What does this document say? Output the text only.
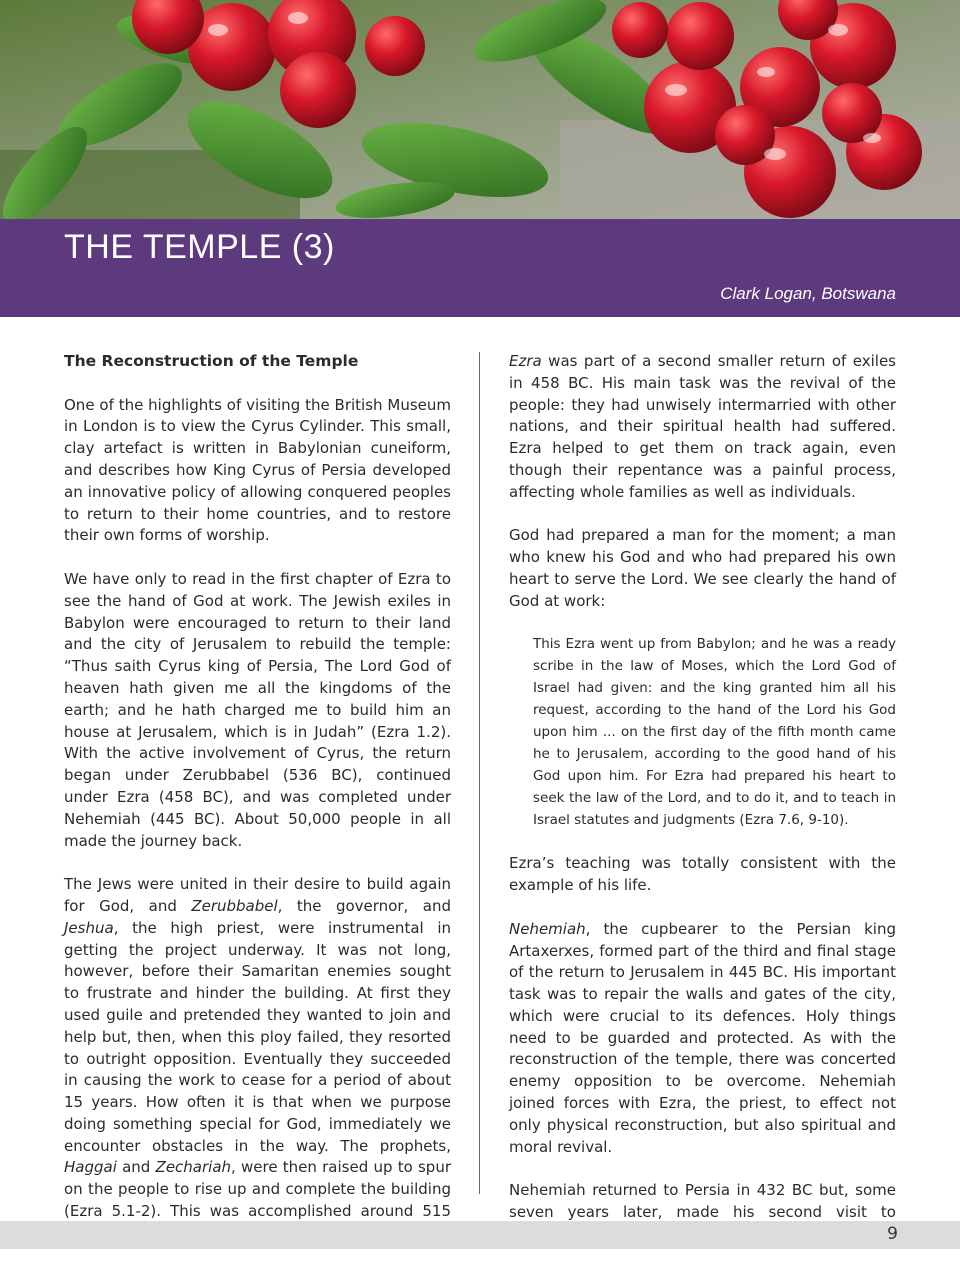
THE TEMPLE (3)
Clark Logan, Botswana
The Reconstruction of the Temple

One of the highlights of visiting the British Museum in London is to view the Cyrus Cylinder. This small, clay artefact is written in Babylonian cuneiform, and describes how King Cyrus of Persia developed an innovative policy of allowing conquered peoples to return to their home countries, and to restore their own forms of worship.

We have only to read in the first chapter of Ezra to see the hand of God at work. The Jewish exiles in Babylon were encouraged to return to their land and the city of Jerusalem to rebuild the temple: “Thus saith Cyrus king of Persia, The Lord God of heaven hath given me all the kingdoms of the earth; and he hath charged me to build him an house at Jerusalem, which is in Judah” (Ezra 1.2). With the active involvement of Cyrus, the return began under Zerubbabel (536 BC), continued under Ezra (458 BC), and was completed under Nehemiah (445 BC). About 50,000 people in all made the journey back.

The Jews were united in their desire to build again for God, and Zerubbabel, the governor, and Jeshua, the high priest, were instrumental in getting the project underway. It was not long, however, before their Samaritan enemies sought to frustrate and hinder the building. At first they used guile and pretended they wanted to join and help but, then, when this ploy failed, they resorted to outright opposition. Eventually they succeeded in causing the work to cease for a period of about 15 years. How often it is that when we purpose doing something special for God, immediately we encounter obstacles in the way. The prophets, Haggai and Zechariah, were then raised up to spur on the people to rise up and complete the building (Ezra 5.1-2). This was accomplished around 515

Ezra was part of a second smaller return of exiles in 458 BC. His main task was the revival of the people: they had unwisely intermarried with other nations, and their spiritual health had suffered. Ezra helped to get them on track again, even though their repentance was a painful process, affecting whole families as well as individuals.

God had prepared a man for the moment; a man who knew his God and who had prepared his own heart to serve the Lord. We see clearly the hand of God at work:

This Ezra went up from Babylon; and he was a ready scribe in the law of Moses, which the Lord God of Israel had given: and the king granted him all his request, according to the hand of the Lord his God upon him ... on the first day of the fifth month came he to Jerusalem, according to the good hand of his God upon him. For Ezra had prepared his heart to seek the law of the Lord, and to do it, and to teach in Israel statutes and judgments (Ezra 7.6, 9-10).

Ezra’s teaching was totally consistent with the example of his life.

Nehemiah, the cupbearer to the Persian king Artaxerxes, formed part of the third and final stage of the return to Jerusalem in 445 BC. His important task was to repair the walls and gates of the city, which were crucial to its defences. Holy things need to be guarded and protected. As with the reconstruction of the temple, there was concerted enemy opposition to be overcome. Nehemiah joined forces with Ezra, the priest, to effect not only physical reconstruction, but also spiritual and moral revival.

Nehemiah returned to Persia in 432 BC but, some seven years later, made his second visit to

9
